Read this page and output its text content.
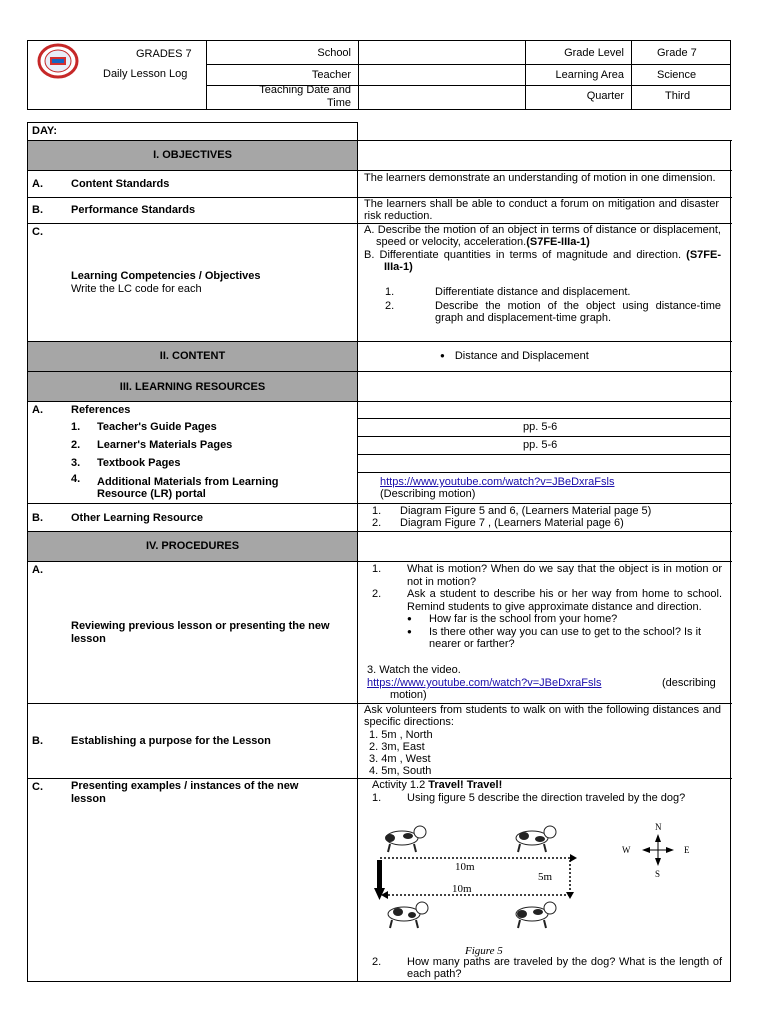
GRADES 7
Daily Lesson Log
School
Teacher
Teaching Date and
Time
Grade Level	Grade 7
Learning Area	Science
Quarter	Third
DAY:
I. OBJECTIVES
A.	Content Standards	The learners demonstrate an understanding of motion in one dimension.
B.	Performance Standards	The learners shall be able to conduct a forum on mitigation and disaster risk reduction.
C.
Learning Competencies / Objectives
Write the LC code for each
A. Describe the motion of an object in terms of distance or displacement, speed or velocity, acceleration.(S7FE-IIIa-1)
B. Differentiate quantities in terms of magnitude and direction. (S7FE-IIIa-1)
1.	Differentiate distance and displacement.
2.	Describe the motion of the object using distance-time graph and displacement-time graph.
II. CONTENT
●	Distance and Displacement
III. LEARNING RESOURCES
A.	References
1. Teacher's Guide Pages	pp. 5-6
2. Learner's Materials Pages	pp. 5-6
3. Textbook Pages
4. Additional Materials from Learning
Resource (LR) portal
https://www.youtube.com/watch?v=JBeDxraFsls
(Describing motion)
B.	Other Learning Resource
1. Diagram Figure 5 and 6, (Learners Material page 5)
2. Diagram Figure 7 , (Learners Material page 6)
IV. PROCEDURES
A.
Reviewing previous lesson or presenting the new lesson
1.	What is motion? When do we say that the object is in motion or not in motion?
2.	Ask a student to describe his or her way from home to school. Remind students to give approximate distance and direction.
●	How far is the school from your home?
●	Is there other way you can use to get to the school? Is it nearer or farther?
3. Watch the video.
https://www.youtube.com/watch?v=JBeDxraFsls	(describing
motion)
B.	Establishing a purpose for the Lesson
Ask volunteers from students to walk on with the following distances and specific directions:
1. 5m , North
2. 3m, East
3. 4m , West
4. 5m, South
C.	Presenting examples / instances of the new lesson
Activity 1.2 Travel! Travel!
1.	Using figure 5 describe the direction traveled by the dog?
10m
5m
10m
N
S
E
W
Figure 5
2.	How many paths are traveled by the dog? What is the length of each path?
